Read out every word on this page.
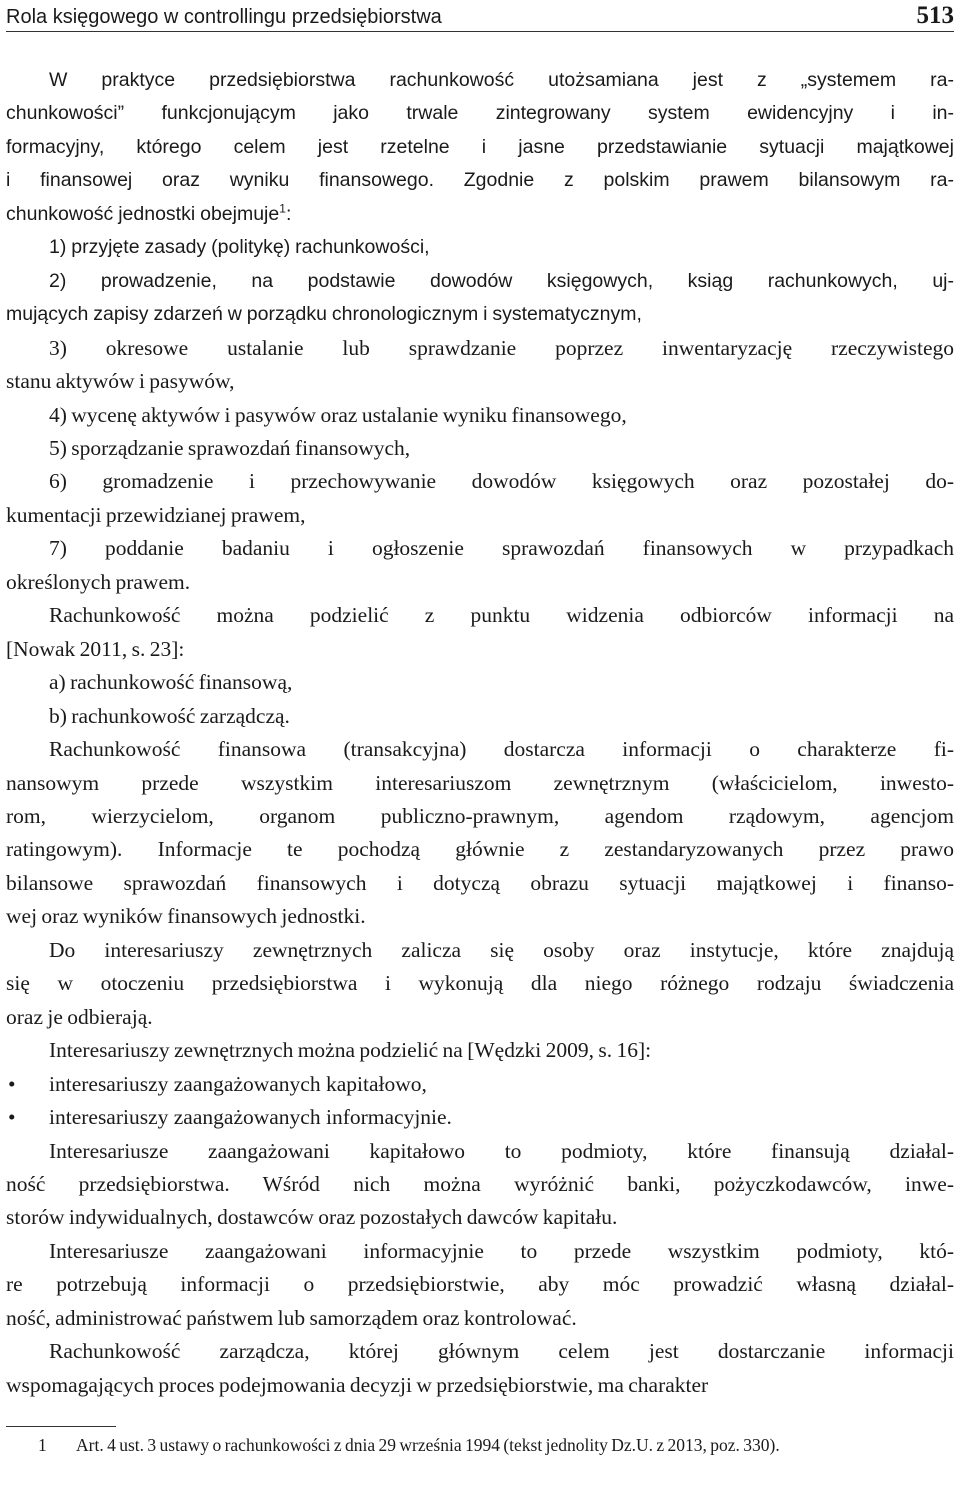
Rola księgowego w controllingu przedsiębiorstwa	513

W praktyce przedsiębiorstwa rachunkowość utożsamiana jest z „systemem ra-

chunkowości” funkcjonującym jako trwale zintegrowany system ewidencyjny i in-

formacyjny, którego celem jest rzetelne i jasne przedstawianie sytuacji majątkowej

i finansowej oraz wyniku finansowego. Zgodnie z polskim prawem bilansowym ra-

chunkowość jednostki obejmuje$^1$:

1) przyjęte zasady (politykę) rachunkowości,

2) prowadzenie, na podstawie dowodów księgowych, ksiąg rachunkowych, uj-
mujących zapisy zdarzeń w porządku chronologicznym i systematycznym,

3) okresowe ustalanie lub sprawdzanie poprzez inwentaryzację rzeczywistego
stanu aktywów i pasywów,

4) wycenę aktywów i pasywów oraz ustalanie wyniku finansowego,

5) sporządzanie sprawozdań finansowych,

6) gromadzenie i przechowywanie dowodów księgowych oraz pozostałej do-
kumentacji przewidzianej prawem,

7) poddanie badaniu i ogłoszenie sprawozdań finansowych w przypadkach
określonych prawem.

Rachunkowość można podzielić z punktu widzenia odbiorców informacji na
[Nowak 2011, s. 23]:

a) rachunkowość finansową,

b) rachunkowość zarządczą.

Rachunkowość finansowa (transakcyjna) dostarcza informacji o charakterze fi-
nansowym przede wszystkim interesariuszom zewnętrznym (właścicielom, inwesto-
rom, wierzycielom, organom publiczno-prawnym, agendom rządowym, agencjom
ratingowym). Informacje te pochodzą głównie z zestandaryzowanych przez prawo
bilansowe sprawozdań finansowych i dotyczą obrazu sytuacji majątkowej i finanso-
wej oraz wyników finansowych jednostki.

Do interesariuszy zewnętrznych zalicza się osoby oraz instytucje, które znajdują
się w otoczeniu przedsiębiorstwa i wykonują dla niego różnego rodzaju świadczenia
oraz je odbierają.

Interesariuszy zewnętrznych można podzielić na [Wędzki 2009, s. 16]:

•	interesariuszy zaangażowanych kapitałowo,
•	interesariuszy zaangażowanych informacyjnie.

Interesariusze zaangażowani kapitałowo to podmioty, które finansują działal-
ność przedsiębiorstwa. Wśród nich można wyróżnić banki, pożyczkodawców, inwe-
storów indywidualnych, dostawców oraz pozostałych dawców kapitału.

Interesariusze zaangażowani informacyjnie to przede wszystkim podmioty, któ-
re potrzebują informacji o przedsiębiorstwie, aby móc prowadzić własną działal-
ność, administrować państwem lub samorządem oraz kontrolować.

Rachunkowość zarządcza, której głównym celem jest dostarczanie informacji
wspomagających proces podejmowania decyzji w przedsiębiorstwie, ma charakter

1 Art. 4 ust. 3 ustawy o rachunkowości z dnia 29 września 1994 (tekst jednolity Dz.U. z 2013, poz. 330).
